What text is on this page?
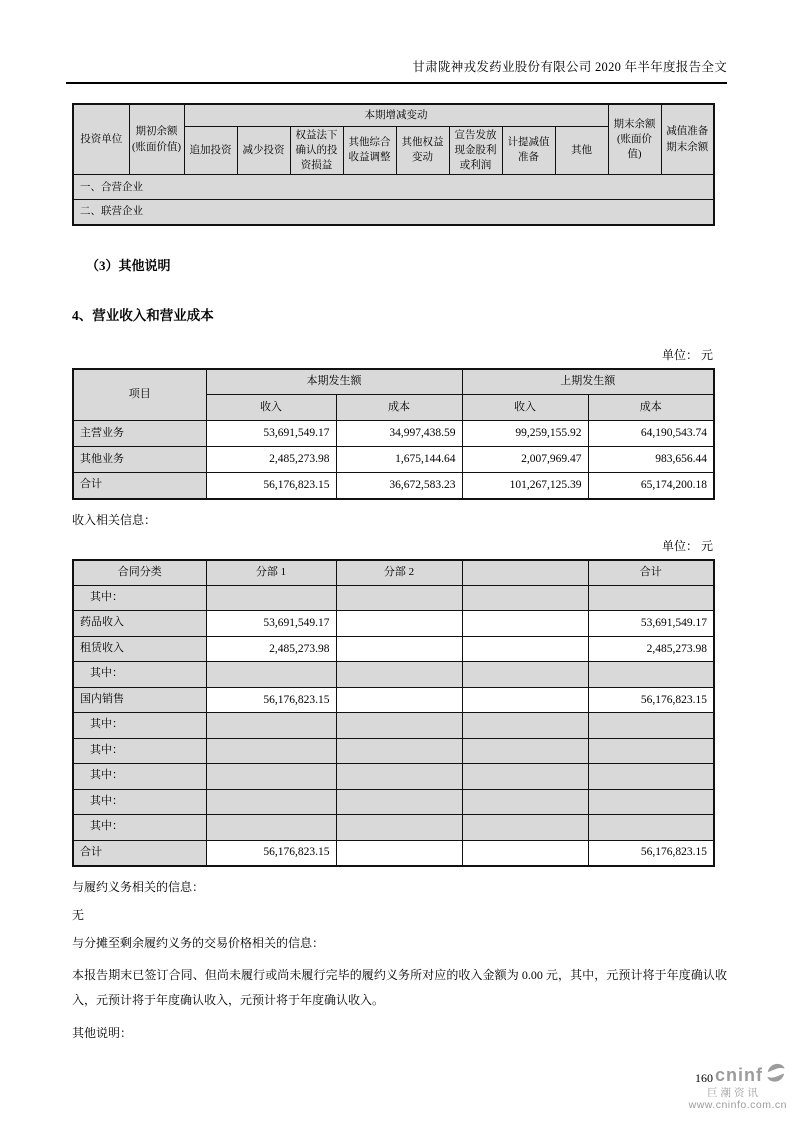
甘肃陇神戎发药业股份有限公司 2020 年半年度报告全文
投资单位	期初余额(账面价值)	本期增减变动								期末余额(账面价值)	减值准备期末余额
		追加投资	减少投资	权益法下确认的投资损益	其他综合收益调整	其他权益变动	宣告发放现金股利或利润	计提减值准备	其他		
一、合营企业											
二、联营企业											
（3）其他说明
4、营业收入和营业成本
单位： 元
项目	本期发生额		上期发生额	
	收入	成本	收入	成本
主营业务	53,691,549.17	34,997,438.59	99,259,155.92	64,190,543.74
其他业务	2,485,273.98	1,675,144.64	2,007,969.47	983,656.44
合计	56,176,823.15	36,672,583.23	101,267,125.39	65,174,200.18
收入相关信息：
单位： 元
合同分类	分部 1	分部 2		合计
其中：				
药品收入	53,691,549.17			53,691,549.17
租赁收入	2,485,273.98			2,485,273.98
其中：				
国内销售	56,176,823.15			56,176,823.15
其中：				
其中：				
其中：				
其中：				
其中：				
合计	56,176,823.15			56,176,823.15
与履约义务相关的信息：
无
与分摊至剩余履约义务的交易价格相关的信息：
本报告期末已签订合同、但尚未履行或尚未履行完毕的履约义务所对应的收入金额为 0.00 元，其中，元预计将于年度确认收入，元预计将于年度确认收入，元预计将于年度确认收入。
其他说明：
160 cninf
巨潮资讯
www.cninfo.com.cn
